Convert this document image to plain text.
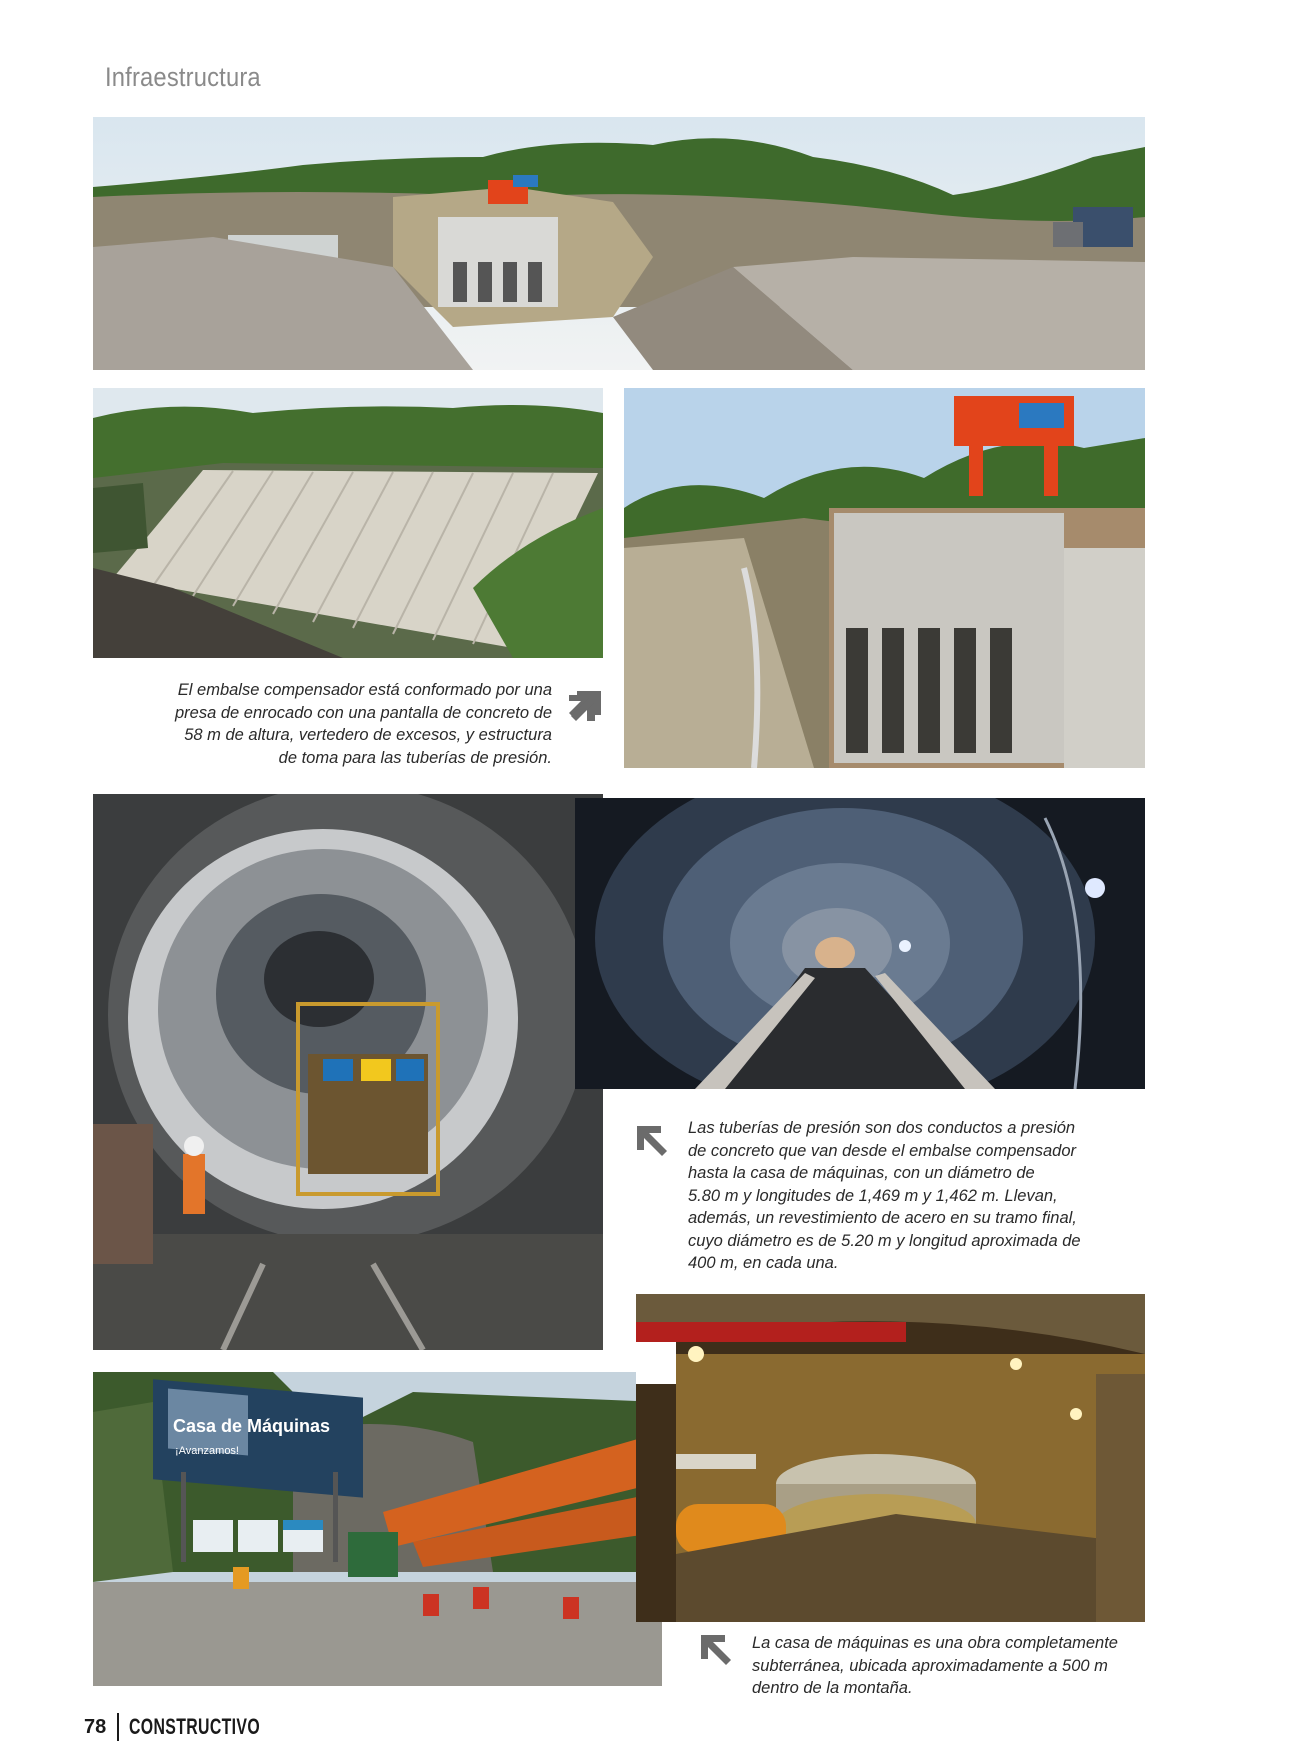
Infraestructura

El embalse compensador está conformado por una

presa de enrocado con una pantalla de concreto de

58 m de altura, vertedero de excesos, y estructura

de toma para las tuberías de presión.

Las tuberías de presión son dos conductos a presión

de concreto que van desde el embalse compensador

hasta la casa de máquinas, con un diámetro de

5.80 m y longitudes de 1,469 m y 1,462 m. Llevan,

además, un revestimiento de acero en su tramo final,

cuyo diámetro es de 5.20 m y longitud aproximada de

400 m, en cada una.

Casa de Máquinas
¡Avanzamos!

La casa de máquinas es una obra completamente

subterránea, ubicada aproximadamente a 500 m

dentro de la montaña.

78 CONSTRUCTIVO
